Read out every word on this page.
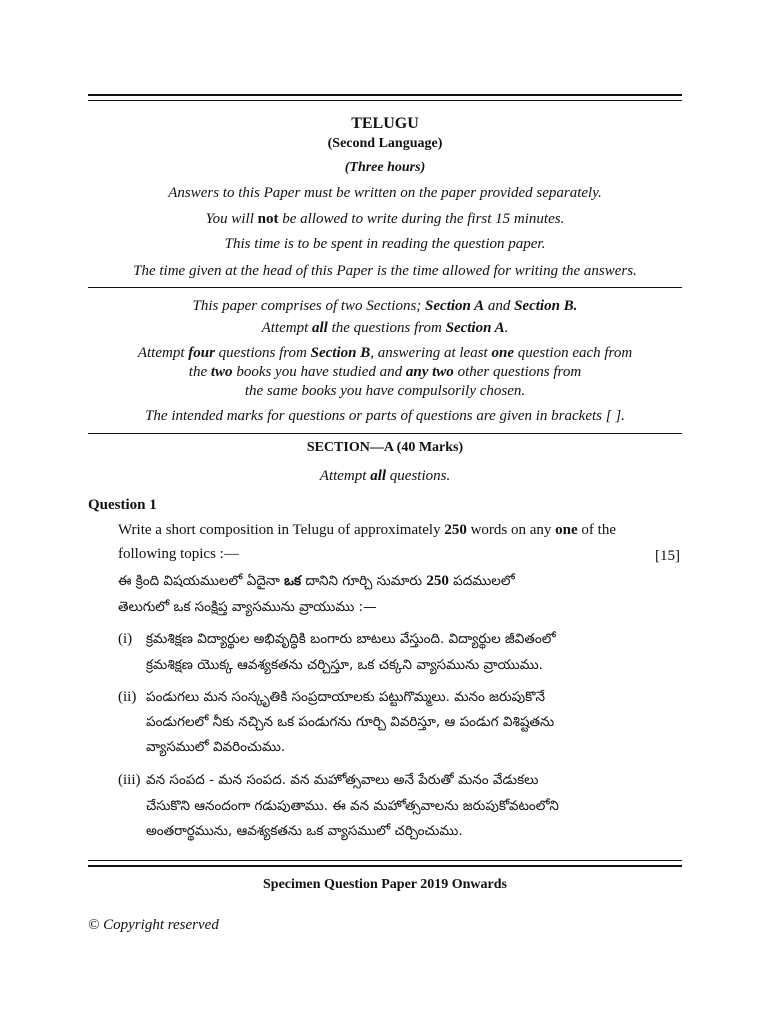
TELUGU
(Second Language)
(Three hours)
Answers to this Paper must be written on the paper provided separately.
You will not be allowed to write during the first 15 minutes.
This time is to be spent in reading the question paper.
The time given at the head of this Paper is the time allowed for writing the answers.
This paper comprises of two Sections; Section A and Section B.
Attempt all the questions from Section A.
Attempt four questions from Section B, answering at least one question each from
the two books you have studied and any two other questions from
the same books you have compulsorily chosen.
The intended marks for questions or parts of questions are given in brackets [ ].
SECTION—A (40 Marks)
Attempt all questions.
Question 1
Write a short composition in Telugu of approximately 250 words on any one of the
following topics :—	[15]
ఈ క్రింది విషయములలో ఏదైనా ఒక దానిని గూర్చి సుమారు 250 పదములలో
తెలుగులో ఒక సంక్షిప్త వ్యాసమును వ్రాయుము :—
(i) క్రమశిక్షణ విద్యార్థుల అభివృద్ధికి బంగారు బాటలు వేస్తుంది. విద్యార్థుల జీవితంలో
క్రమశిక్షణ యొక్క ఆవశ్యకతను చర్చిస్తూ, ఒక చక్కని వ్యాసమును వ్రాయుము.
(ii) పండుగలు మన సంస్కృతికి సంప్రదాయాలకు పట్టుగొమ్మలు. మనం జరుపుకొనే
పండుగలలో నీకు నచ్చిన ఒక పండుగను గూర్చి వివరిస్తూ, ఆ పండుగ విశిష్టతను
వ్యాసములో వివరించుము.
(iii) వన సంపద - మన సంపద. వన మహోత్సవాలు అనే పేరుతో మనం వేడుకలు
చేసుకొని ఆనందంగా గడుపుతాము. ఈ వన మహోత్సవాలను జరుపుకోవటంలోని
అంతరార్థమును, ఆవశ్యకతను ఒక వ్యాసములో చర్చించుము.
Specimen Question Paper 2019 Onwards
© Copyright reserved
